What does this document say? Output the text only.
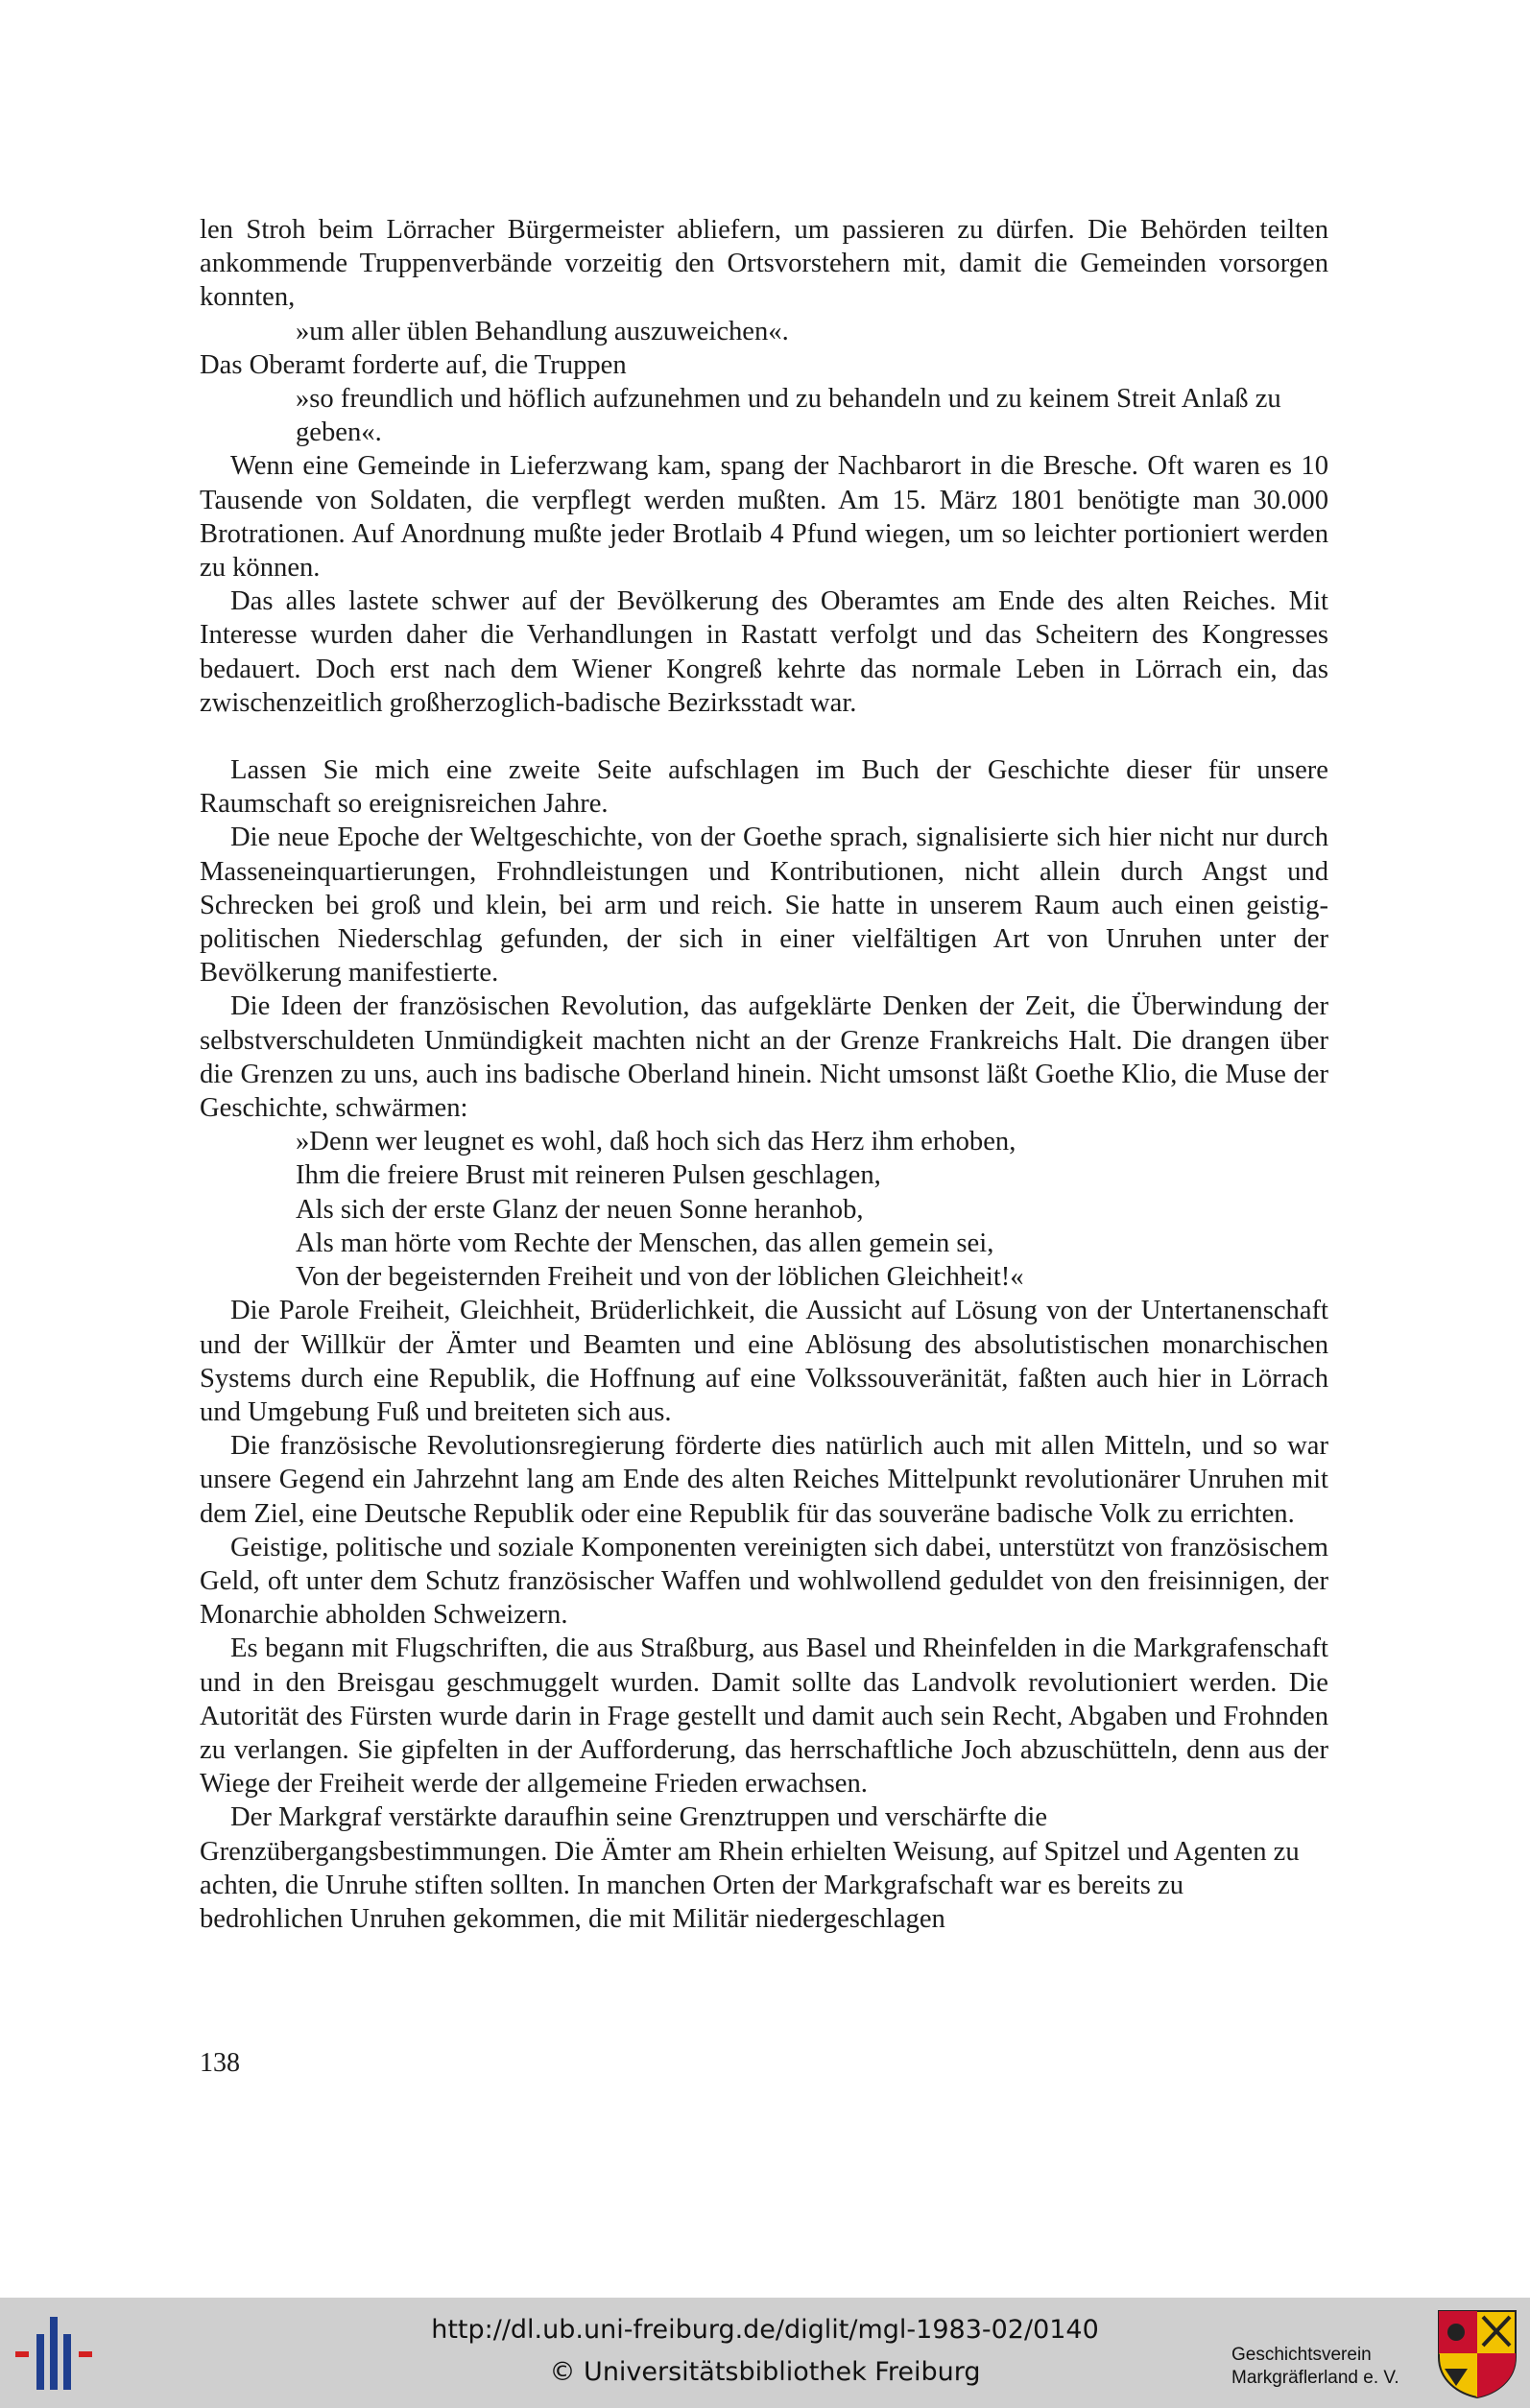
len Stroh beim Lörracher Bürgermeister abliefern, um passieren zu dürfen. Die Behörden teilten ankommende Truppenverbände vorzeitig den Ortsvorstehern mit, damit die Gemeinden vorsorgen konnten,

»um aller üblen Behandlung auszuweichen«.

Das Oberamt forderte auf, die Truppen

»so freundlich und höflich aufzunehmen und zu behandeln und zu keinem Streit Anlaß zu geben«.

Wenn eine Gemeinde in Lieferzwang kam, spang der Nachbarort in die Bresche. Oft waren es 10 Tausende von Soldaten, die verpflegt werden mußten. Am 15. März 1801 benötigte man 30.000 Brotrationen. Auf Anordnung mußte jeder Brotlaib 4 Pfund wiegen, um so leichter portioniert werden zu können.

Das alles lastete schwer auf der Bevölkerung des Oberamtes am Ende des alten Reiches. Mit Interesse wurden daher die Verhandlungen in Rastatt verfolgt und das Scheitern des Kongresses bedauert. Doch erst nach dem Wiener Kongreß kehrte das normale Leben in Lörrach ein, das zwischenzeitlich großherzoglich-badische Bezirksstadt war.

Lassen Sie mich eine zweite Seite aufschlagen im Buch der Geschichte dieser für unsere Raumschaft so ereignisreichen Jahre.

Die neue Epoche der Weltgeschichte, von der Goethe sprach, signalisierte sich hier nicht nur durch Masseneinquartierungen, Frohndleistungen und Kontributionen, nicht allein durch Angst und Schrecken bei groß und klein, bei arm und reich. Sie hatte in unserem Raum auch einen geistig-politischen Niederschlag gefunden, der sich in einer vielfältigen Art von Unruhen unter der Bevölkerung manifestierte.

Die Ideen der französischen Revolution, das aufgeklärte Denken der Zeit, die Überwindung der selbstverschuldeten Unmündigkeit machten nicht an der Grenze Frankreichs Halt. Die drangen über die Grenzen zu uns, auch ins badische Oberland hinein. Nicht umsonst läßt Goethe Klio, die Muse der Geschichte, schwärmen:

»Denn wer leugnet es wohl, daß hoch sich das Herz ihm erhoben,

Ihm die freiere Brust mit reineren Pulsen geschlagen,

Als sich der erste Glanz der neuen Sonne heranhob,

Als man hörte vom Rechte der Menschen, das allen gemein sei,

Von der begeisternden Freiheit und von der löblichen Gleichheit!«

Die Parole Freiheit, Gleichheit, Brüderlichkeit, die Aussicht auf Lösung von der Untertanenschaft und der Willkür der Ämter und Beamten und eine Ablösung des absolutistischen monarchischen Systems durch eine Republik, die Hoffnung auf eine Volkssouveränität, faßten auch hier in Lörrach und Umgebung Fuß und breiteten sich aus.

Die französische Revolutionsregierung förderte dies natürlich auch mit allen Mitteln, und so war unsere Gegend ein Jahrzehnt lang am Ende des alten Reiches Mittelpunkt revolutionärer Unruhen mit dem Ziel, eine Deutsche Republik oder eine Republik für das souveräne badische Volk zu errichten.

Geistige, politische und soziale Komponenten vereinigten sich dabei, unterstützt von französischem Geld, oft unter dem Schutz französischer Waffen und wohlwollend geduldet von den freisinnigen, der Monarchie abholden Schweizern.

Es begann mit Flugschriften, die aus Straßburg, aus Basel und Rheinfelden in die Markgrafenschaft und in den Breisgau geschmuggelt wurden. Damit sollte das Landvolk revolutioniert werden. Die Autorität des Fürsten wurde darin in Frage gestellt und damit auch sein Recht, Abgaben und Frohnden zu verlangen. Sie gipfelten in der Aufforderung, das herrschaftliche Joch abzuschütteln, denn aus der Wiege der Freiheit werde der allgemeine Frieden erwachsen.

Der Markgraf verstärkte daraufhin seine Grenztruppen und verschärfte die Grenzübergangsbestimmungen. Die Ämter am Rhein erhielten Weisung, auf Spitzel und Agenten zu achten, die Unruhe stiften sollten. In manchen Orten der Markgrafschaft war es bereits zu bedrohlichen Unruhen gekommen, die mit Militär niedergeschlagen

138
http://dl.ub.uni-freiburg.de/diglit/mgl-1983-02/0140
© Universitätsbibliothek Freiburg
Geschichtsverein
Markgräflerland e. V.
